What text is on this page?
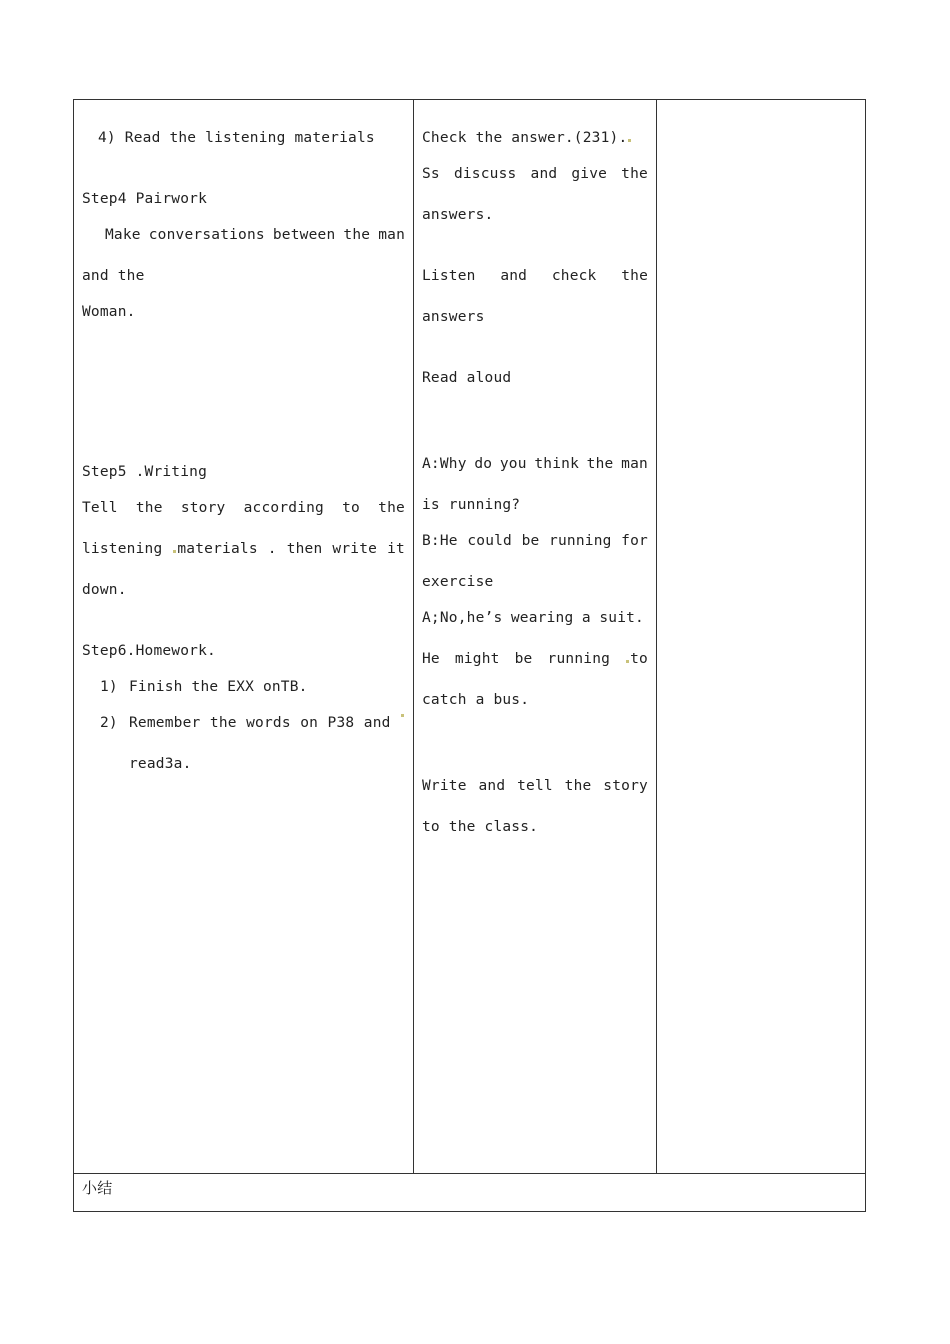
4) Read the listening materials
Step4 Pairwork
Make conversations between the man
and the
Woman.
Step5 .Writing
Tell the story according to the
listening	materials . then write it
down.
Step6.Homework.
1) Finish the EXX onTB.
2) Remember the words on P38 and
read3a.
Check the answer.(231).
Ss discuss and give the
answers.
Listen and check the
answers
Read aloud
A:Why do you think the man
is running?
B:He could be running for
exercise
A;No,he’s wearing a suit.
He might be running	to
catch a bus.
Write and tell the story
to the class.
小结
